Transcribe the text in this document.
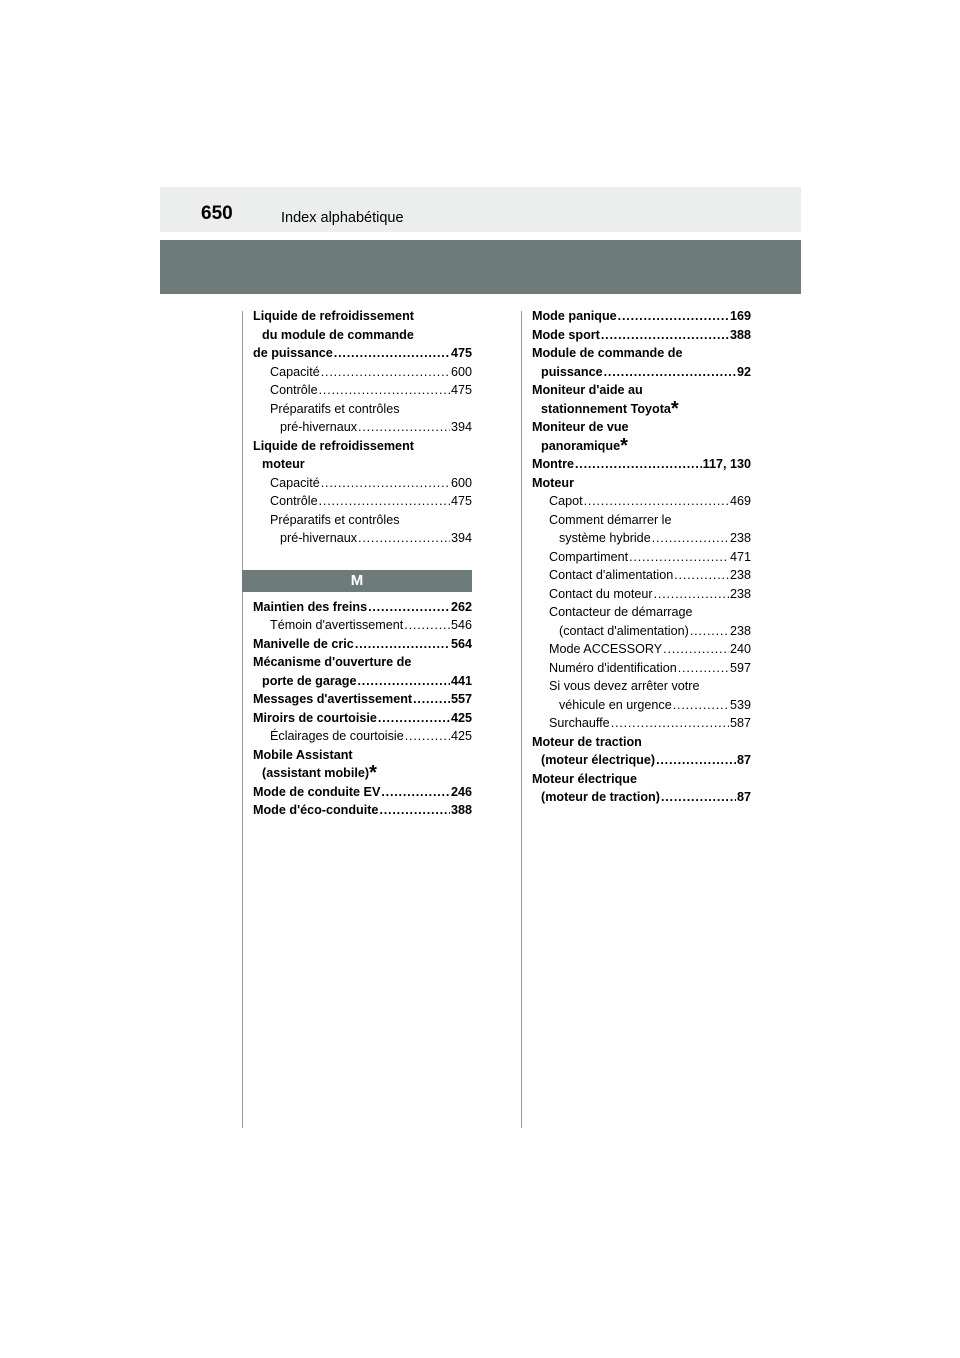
650	Index alphabétique
Liquide de refroidissement
du module de commande
de puissance .....	475
Capacité .....	600
Contrôle .....	475
Préparatifs et contrôles
pré-hivernaux .....	394
Liquide de refroidissement
moteur
Capacité .....	600
Contrôle .....	475
Préparatifs et contrôles
pré-hivernaux .....	394
M
Maintien des freins .....	262
Témoin d'avertissement .....	546
Manivelle de cric .....	564
Mécanisme d'ouverture de
porte de garage .....	441
Messages d'avertissement .....	557
Miroirs de courtoisie .....	425
Éclairages de courtoisie .....	425
Mobile Assistant
(assistant mobile)*
Mode de conduite EV .....	246
Mode d'éco-conduite .....	388
Mode panique .....	169
Mode sport .....	388
Module de commande de
puissance .....	92
Moniteur d'aide au
stationnement Toyota*
Moniteur de vue
panoramique*
Montre .....	117, 130
Moteur
Capot .....	469
Comment démarrer le
système hybride .....	238
Compartiment .....	471
Contact d'alimentation .....	238
Contact du moteur .....	238
Contacteur de démarrage
(contact d'alimentation) .....	238
Mode ACCESSORY .....	240
Numéro d'identification .....	597
Si vous devez arrêter votre
véhicule en urgence .....	539
Surchauffe .....	587
Moteur de traction
(moteur électrique) .....	87
Moteur électrique
(moteur de traction) .....	87
